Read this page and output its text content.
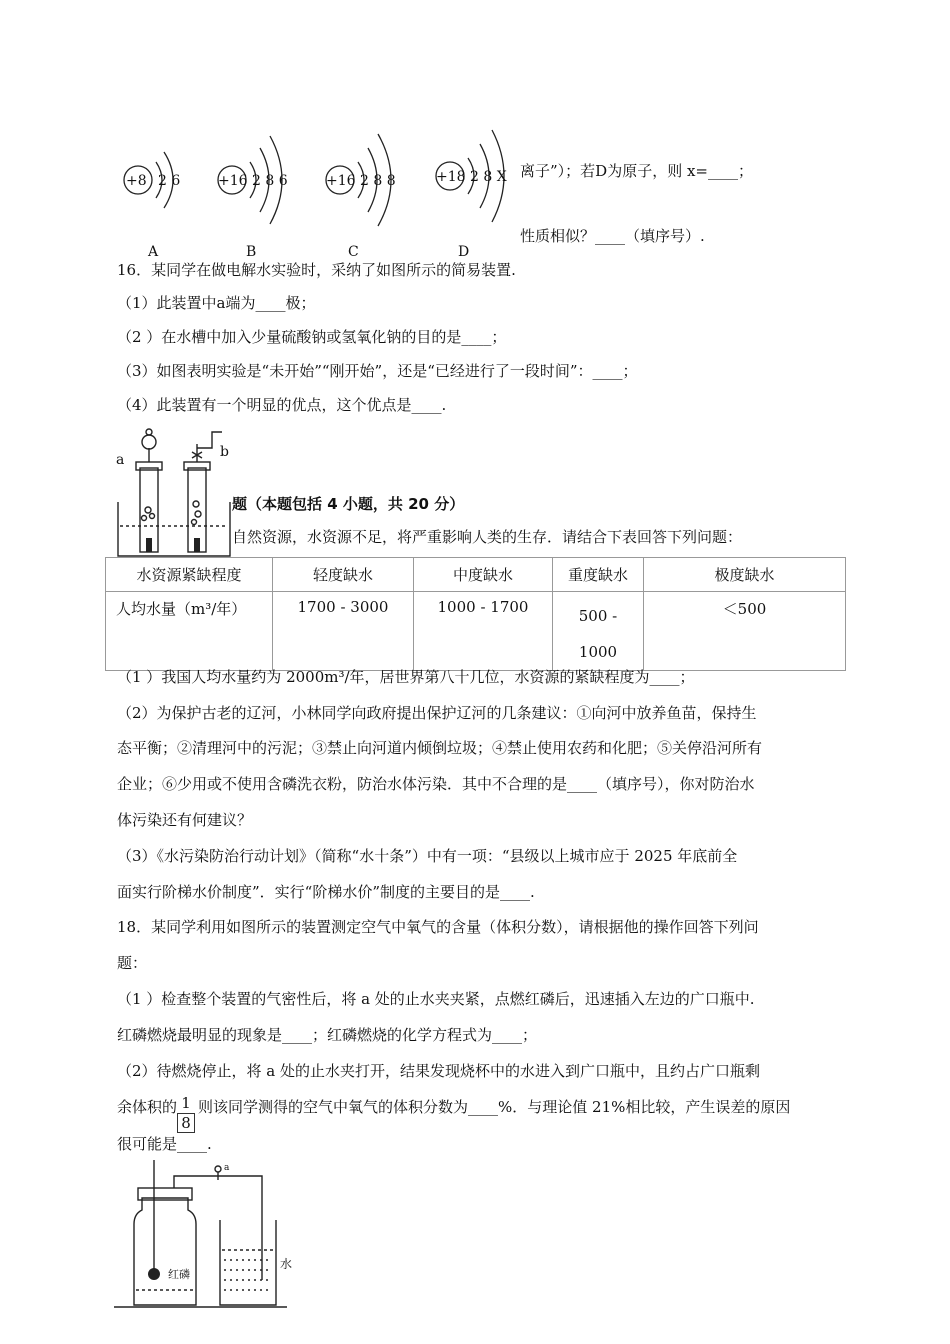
+8 2 6	+16 2 8 6	+16 2 8 8	+18 2 8 X
A	B	C	D
离子”）；若D为原子，则 x=____；
性质相似？____（填序号）.
16．某同学在做电解水实验时，采纳了如图所示的简易装置.
（1）此装置中a端为____极；
（2 ）在水槽中加入少量硫酸钠或氢氧化钠的目的是____；
（3）如图表明实验是“未开始”“刚开始”，还是“已经进行了一段时间”：____；
（4）此装置有一个明显的优点，这个优点是____.
a	b
题（本题包括 4 小题，共 20 分）
自然资源，水资源不足，将严重影响人类的生存．请结合下表回答下列问题：
水资源紧缺程度	轻度缺水	中度缺水	重度缺水	极度缺水
人均水量（m³/年）	1700 - 3000	1000 - 1700	500 -
1000	＜500
（1 ）我国人均水量约为 2000m³/年，居世界第八十几位，水资源的紧缺程度为____；
（2）为保护古老的辽河，小林同学向政府提出保护辽河的几条建议：①向河中放养鱼苗，保持生
态平衡；②清理河中的污泥；③禁止向河道内倾倒垃圾；④禁止使用农药和化肥；⑤关停沿河所有
企业；⑥少用或不使用含磷洗衣粉，防治水体污染．其中不合理的是____（填序号），你对防治水
体污染还有何建议？
（3）《水污染防治行动计划》（简称“水十条”）中有一项：“县级以上城市应于 2025 年底前全
面实行阶梯水价制度”．实行“阶梯水价”制度的主要目的是____.
18．某同学利用如图所示的装置测定空气中氧气的含量（体积分数），请根据他的操作回答下列问
题：
（1 ）检查整个装置的气密性后，将 a 处的止水夹夹紧，点燃红磷后，迅速插入左边的广口瓶中.
红磷燃烧最明显的现象是____；红磷燃烧的化学方程式为____；
（2）待燃烧停止，将 a 处的止水夹打开，结果发现烧杯中的水进入到广口瓶中，且约占广口瓶剩
余体积的 $\frac{1}{8}$ 则该同学测得的空气中氧气的体积分数为____%．与理论值 21%相比较，产生误差的原因
很可能是____.
a
红磷
水
